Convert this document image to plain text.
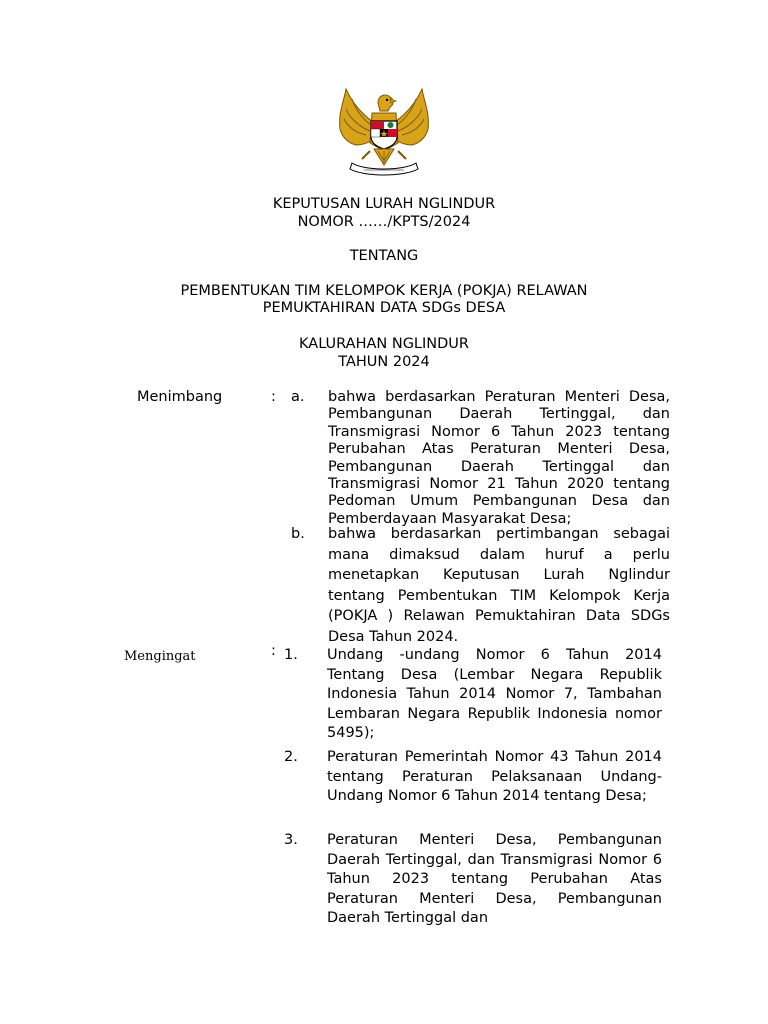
KEPUTUSAN LURAH NGLINDUR
NOMOR ……/KPTS/2024
TENTANG
PEMBENTUKAN TIM KELOMPOK KERJA (POKJA) RELAWAN
PEMUKTAHIRAN DATA SDGs DESA
KALURAHAN NGLINDUR
TAHUN 2024
Menimbang	: a. bahwa berdasarkan Peraturan Menteri Desa, Pembangunan Daerah Tertinggal, dan Transmigrasi Nomor 6 Tahun 2023 tentang Perubahan Atas Peraturan Menteri Desa, Pembangunan Daerah Tertinggal dan Transmigrasi Nomor 21 Tahun 2020 tentang Pedoman Umum Pembangunan Desa dan Pemberdayaan Masyarakat Desa;

b. bahwa berdasarkan pertimbangan sebagai mana dimaksud dalam huruf a perlu menetapkan Keputusan Lurah Nglindur tentang Pembentukan TIM Kelompok Kerja (POKJA ) Relawan Pemuktahiran Data SDGs Desa Tahun 2024.

Mengingat	: 1. Undang -undang Nomor 6 Tahun 2014 Tentang Desa (Lembar Negara Republik Indonesia Tahun 2014 Nomor 7, Tambahan Lembaran Negara Republik Indonesia nomor 5495);

2. Peraturan Pemerintah Nomor 43 Tahun 2014 tentang Peraturan Pelaksanaan Undang-Undang Nomor 6 Tahun 2014 tentang Desa;

3. Peraturan Menteri Desa, Pembangunan Daerah Tertinggal, dan Transmigrasi Nomor 6 Tahun 2023 tentang Perubahan Atas Peraturan Menteri Desa, Pembangunan Daerah Tertinggal dan
